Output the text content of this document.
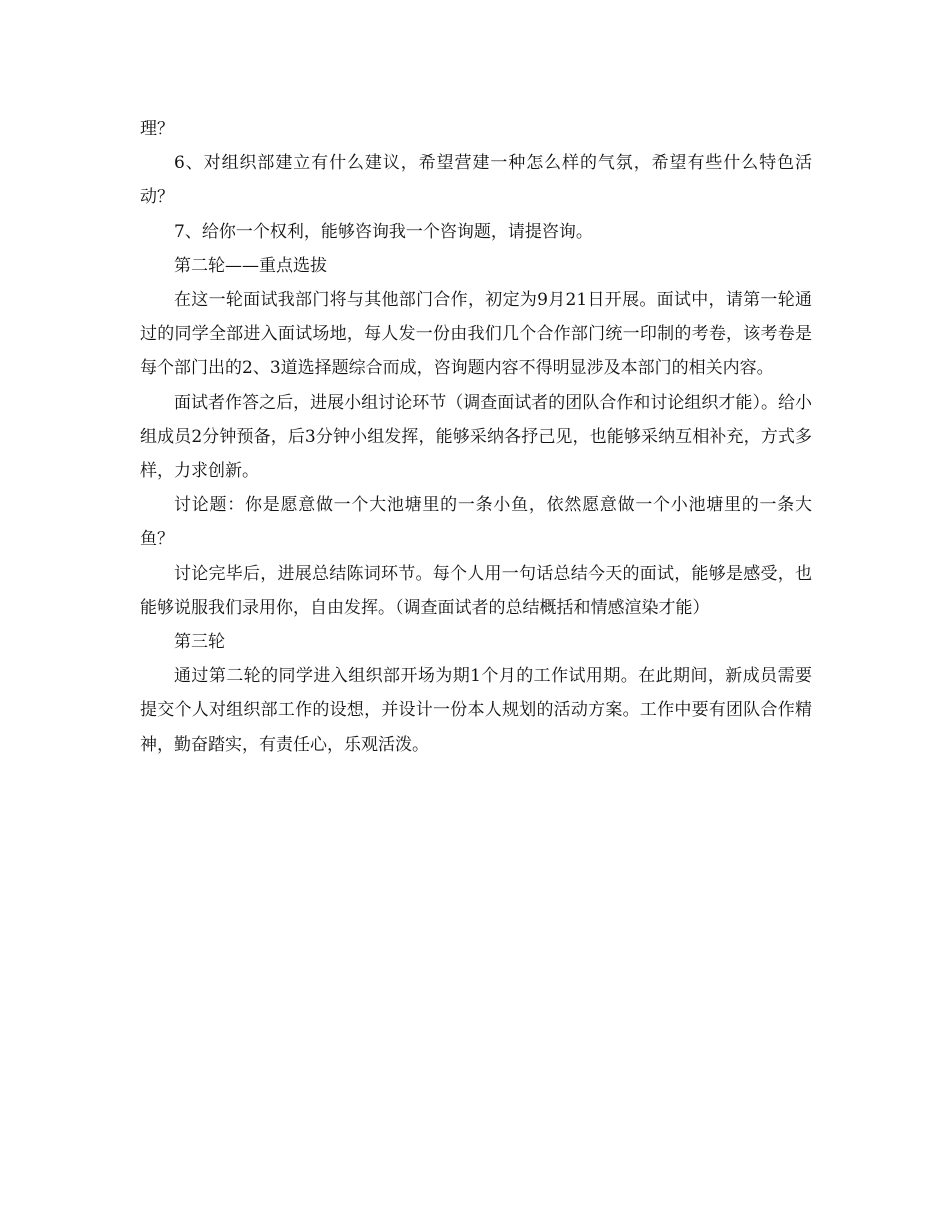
理？

6、对组织部建立有什么建议，希望营建一种怎么样的气氛，希望有些什么特色活动？

7、给你一个权利，能够咨询我一个咨询题，请提咨询。

第二轮——重点选拔

在这一轮面试我部门将与其他部门合作，初定为9月21日开展。面试中，请第一轮通过的同学全部进入面试场地，每人发一份由我们几个合作部门统一印制的考卷，该考卷是每个部门出的2、3道选择题综合而成，咨询题内容不得明显涉及本部门的相关内容。

面试者作答之后，进展小组讨论环节（调查面试者的团队合作和讨论组织才能）。给小组成员2分钟预备，后3分钟小组发挥，能够采纳各抒己见，也能够采纳互相补充，方式多样，力求创新。

讨论题：你是愿意做一个大池塘里的一条小鱼，依然愿意做一个小池塘里的一条大鱼？

讨论完毕后，进展总结陈词环节。每个人用一句话总结今天的面试，能够是感受，也能够说服我们录用你，自由发挥。（调查面试者的总结概括和情感渲染才能）

第三轮

通过第二轮的同学进入组织部开场为期1个月的工作试用期。在此期间，新成员需要提交个人对组织部工作的设想，并设计一份本人规划的活动方案。工作中要有团队合作精神，勤奋踏实，有责任心，乐观活泼。
